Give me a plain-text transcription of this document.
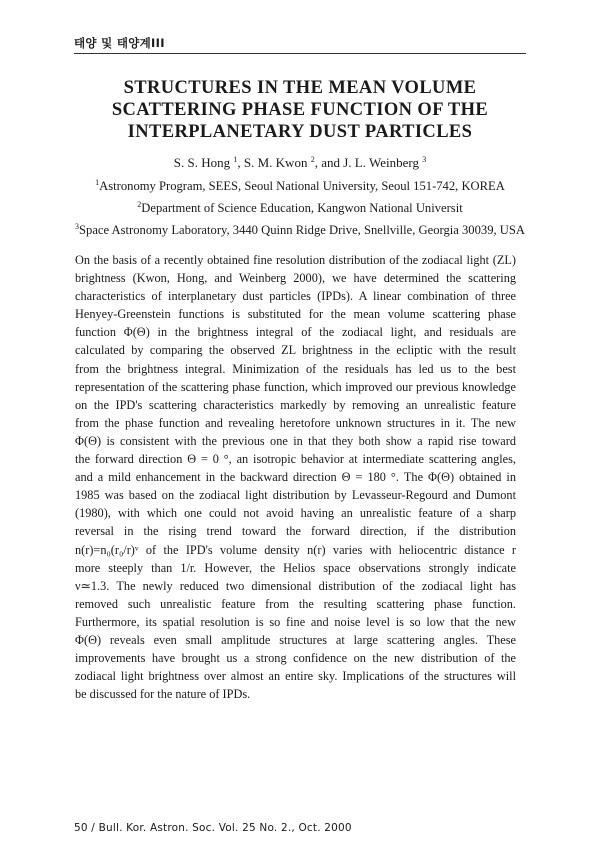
태양 및 태양계III
STRUCTURES IN THE MEAN VOLUME
SCATTERING PHASE FUNCTION OF THE
INTERPLANETARY DUST PARTICLES
S. S. Hong $^1$, S. M. Kwon $^2$, and J. L. Weinberg $^3$
$^1$Astronomy Program, SEES, Seoul National University, Seoul 151-742, KOREA
$^2$Department of Science Education, Kangwon National Universit
$^3$Space Astronomy Laboratory, 3440 Quinn Ridge Drive, Snellville, Georgia 30039, USA
On the basis of a recently obtained fine resolution distribution of the zodiacal light (ZL)
brightness (Kwon, Hong, and Weinberg 2000), we have determined the scattering
characteristics of interplanetary dust particles (IPDs). A linear combination of three
Henyey-Greenstein functions is substituted for the mean volume scattering phase
function Φ(Θ) in the brightness integral of the zodiacal light, and residuals are
calculated by comparing the observed ZL brightness in the ecliptic with the result
from the brightness integral. Minimization of the residuals has led us to the best
representation of the scattering phase function, which improved our previous knowledge
on the IPD's scattering characteristics markedly by removing an unrealistic feature
from the phase function and revealing heretofore unknown structures in it. The new
Φ(Θ) is consistent with the previous one in that they both show a rapid rise toward
the forward direction Θ = 0 °, an isotropic behavior at intermediate scattering angles,
and a mild enhancement in the backward direction Θ = 180 °. The Φ(Θ) obtained in
1985 was based on the zodiacal light distribution by Levasseur-Regourd and Dumont
(1980), with which one could not avoid having an unrealistic feature of a sharp
reversal in the rising trend toward the forward direction, if the distribution
n(r)=n₀(r₀/r)ᵛ of the IPD's volume density n(r) varies with heliocentric distance r
more steeply than 1/r. However, the Helios space observations strongly indicate
ν≃1.3. The newly reduced two dimensional distribution of the zodiacal light has
removed such unrealistic feature from the resulting scattering phase function.
Furthermore, its spatial resolution is so fine and noise level is so low that the new
Φ(Θ) reveals even small amplitude structures at large scattering angles. These
improvements have brought us a strong confidence on the new distribution of the
zodiacal light brightness over almost an entire sky. Implications of the structures will
be discussed for the nature of IPDs.
50 / Bull. Kor. Astron. Soc. Vol. 25 No. 2., Oct. 2000
